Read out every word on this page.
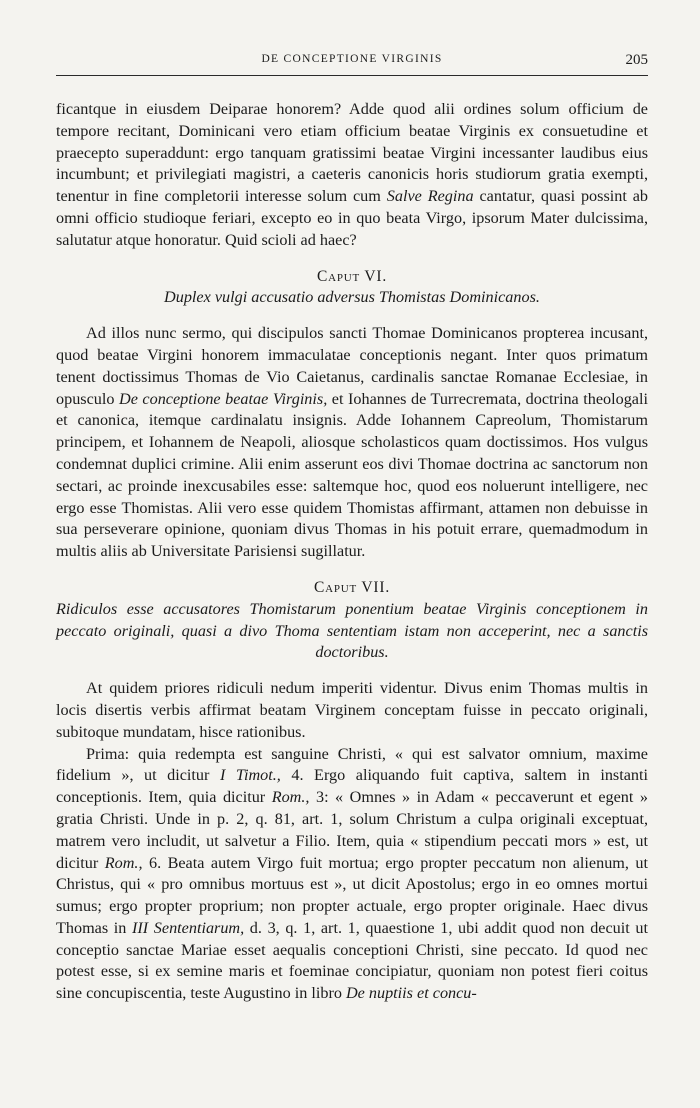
DE CONCEPTIONE VIRGINIS	205

ficantque in eiusdem Deiparae honorem? Adde quod alii ordines solum officium de tempore recitant, Dominicani vero etiam officium beatae Virginis ex consuetudine et praecepto superaddunt: ergo tanquam gratissimi beatae Virgini incessanter laudibus eius incumbunt; et privilegiati magistri, a caeteris canonicis horis studiorum gratia exempti, tenentur in fine completorii interesse solum cum Salve Regina cantatur, quasi possint ab omni officio studioque feriari, excepto eo in quo beata Virgo, ipsorum Mater dulcissima, salutatur atque honoratur. Quid scioli ad haec?

Caput VI.
Duplex vulgi accusatio adversus Thomistas Dominicanos.

Ad illos nunc sermo, qui discipulos sancti Thomae Dominicanos propterea incusant, quod beatae Virgini honorem immaculatae conceptionis negant. Inter quos primatum tenent doctissimus Thomas de Vio Caietanus, cardinalis sanctae Romanae Ecclesiae, in opusculo De conceptione beatae Virginis, et Iohannes de Turrecremata, doctrina theologali et canonica, itemque cardinalatu insignis. Adde Iohannem Capreolum, Thomistarum principem, et Iohannem de Neapoli, aliosque scholasticos quam doctissimos. Hos vulgus condemnat duplici crimine. Alii enim asserunt eos divi Thomae doctrina ac sanctorum non sectari, ac proinde inexcusabiles esse: saltemque hoc, quod eos noluerunt intelligere, nec ergo esse Thomistas. Alii vero esse quidem Thomistas affirmant, attamen non debuisse in sua perseverare opinione, quoniam divus Thomas in his potuit errare, quemadmodum in multis aliis ab Universitate Parisiensi sugillatur.

Caput VII.
Ridiculos esse accusatores Thomistarum ponentium beatae Virginis conceptionem in peccato originali, quasi a divo Thoma sententiam istam non acceperint, nec a sanctis doctoribus.

At quidem priores ridiculi nedum imperiti videntur. Divus enim Thomas multis in locis disertis verbis affirmat beatam Virginem conceptam fuisse in peccato originali, subitoque mundatam, hisce rationibus.

Prima: quia redempta est sanguine Christi, « qui est salvator omnium, maxime fidelium », ut dicitur I Timot., 4. Ergo aliquando fuit captiva, saltem in instanti conceptionis. Item, quia dicitur Rom., 3: « Omnes » in Adam « peccaverunt et egent » gratia Christi. Unde in p. 2, q. 81, art. 1, solum Christum a culpa originali exceptuat, matrem vero includit, ut salvetur a Filio. Item, quia « stipendium peccati mors » est, ut dicitur Rom., 6. Beata autem Virgo fuit mortua; ergo propter peccatum non alienum, ut Christus, qui « pro omnibus mortuus est », ut dicit Apostolus; ergo in eo omnes mortui sumus; ergo propter proprium; non propter actuale, ergo propter originale. Haec divus Thomas in III Sententiarum, d. 3, q. 1, art. 1, quaestione 1, ubi addit quod non decuit ut conceptio sanctae Mariae esset aequalis conceptioni Christi, sine peccato. Id quod nec potest esse, si ex semine maris et foeminae concipiatur, quoniam non potest fieri coitus sine concupiscentia, teste Augustino in libro De nuptiis et concu-
